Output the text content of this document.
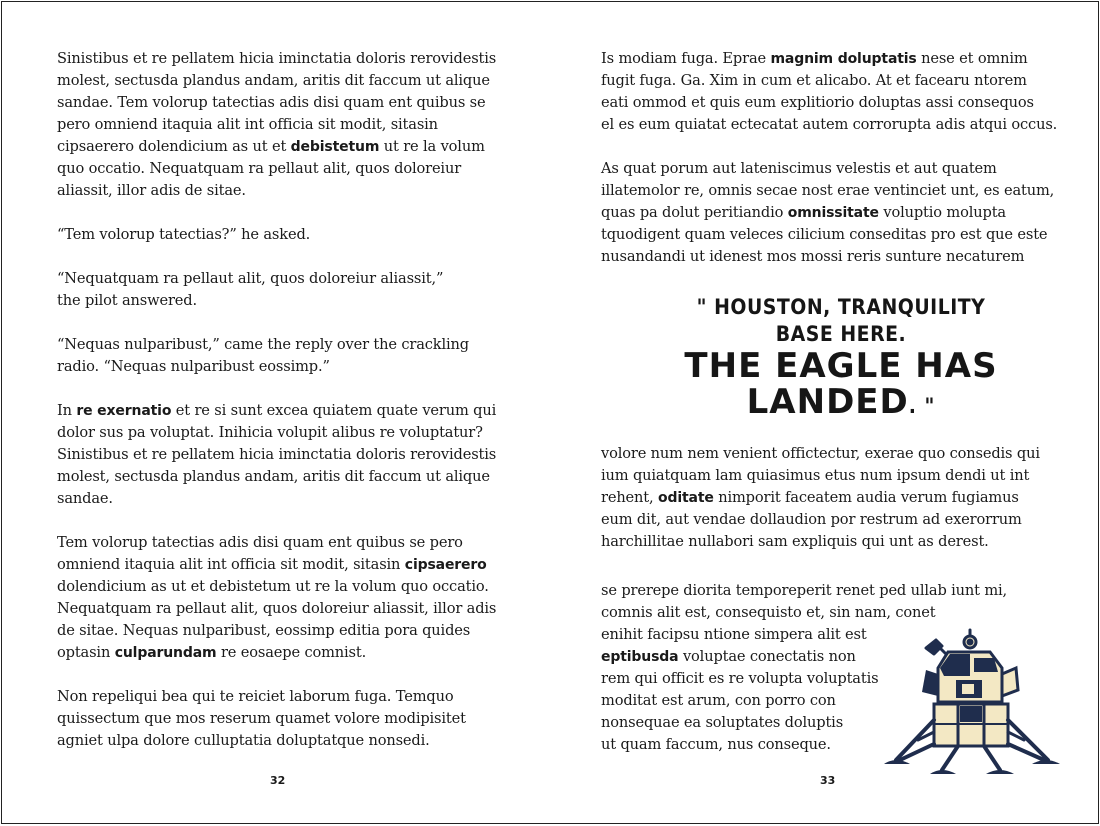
Sinistibus et re pellatem hicia iminctatia doloris rerovidestis
molest, sectusda plandus andam, aritis dit faccum ut alique
sandae. Tem volorup tatectias adis disi quam ent quibus se
pero omniend itaquia alit int officia sit modit, sitasin
cipsaerero dolendicium as ut et debistetum ut re la volum
quo occatio. Nequatquam ra pellaut alit, quos doloreiur
aliassit, illor adis de sitae.
“Tem volorup tatectias?” he asked.
“Nequatquam ra pellaut alit, quos doloreiur aliassit,”
the pilot answered.
“Nequas nulparibust,” came the reply over the crackling
radio. “Nequas nulparibust eossimp.”
In re exernatio et re si sunt excea quiatem quate verum qui
dolor sus pa voluptat. Inihicia volupit alibus re voluptatur?
Sinistibus et re pellatem hicia iminctatia doloris rerovidestis
molest, sectusda plandus andam, aritis dit faccum ut alique
sandae.
Tem volorup tatectias adis disi quam ent quibus se pero
omniend itaquia alit int officia sit modit, sitasin cipsaerero
dolendicium as ut et debistetum ut re la volum quo occatio.
Nequatquam ra pellaut alit, quos doloreiur aliassit, illor adis
de sitae. Nequas nulparibust, eossimp editia pora quides
optasin culparundam re eosaepe comnist.
Non repeliqui bea qui te reiciet laborum fuga. Temquo
quissectum que mos reserum quamet volore modipisitet
agniet ulpa dolore culluptatia doluptatque nonsedi.
32
Is modiam fuga. Eprae magnim doluptatis nese et omnim
fugit fuga. Ga. Xim in cum et alicabo. At et facearu ntorem
eati ommod et quis eum explitiorio doluptas assi consequos
el es eum quiatat ectecatat autem corrorupta adis atqui occus.
As quat porum aut lateniscimus velestis et aut quatem
illatemolor re, omnis secae nost erae ventinciet unt, es eatum,
quas pa dolut peritiandio omnissitate voluptio molupta
tquodigent quam veleces cilicium conseditas pro est que este
nusandandi ut idenest mos mossi reris sunture necaturem
" HOUSTON, TRANQUILITY
BASE HERE.
THE EAGLE HAS
LANDED. "
volore num nem venient offictectur, exerae quo consedis qui
ium quiatquam lam quiasimus etus num ipsum dendi ut int
rehent, oditate nimporit faceatem audia verum fugiamus
eum dit, aut vendae dollaudion por restrum ad exerorrum
harchillitae nullabori sam expliquis qui unt as derest.
se prerepe diorita temporeperit renet ped ullab iunt mi,
comnis alit est, consequisto et, sin nam, conet
enihit facipsu ntione simpera alit est
eptibusda voluptae conectatis non
rem qui officit es re volupta voluptatis
moditat est arum, con porro con
nonsequae ea soluptates doluptis
ut quam faccum, nus conseque.
33
